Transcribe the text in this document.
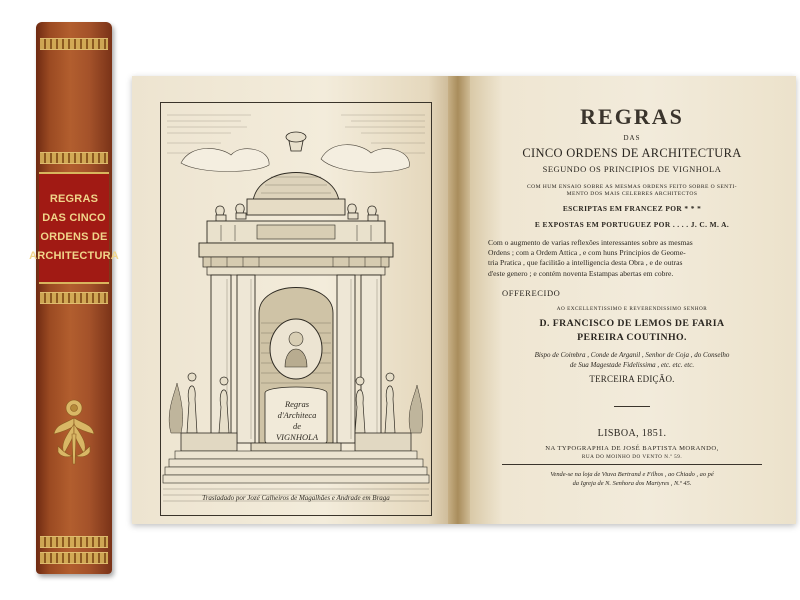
REGRAS
DAS CINCO
ORDENS DE
ARCHITECTURA
Regras
d'Architeca
de
VIGNHOLA
Trasladado por Jozé Calheiros de Magalhães e Andrade em Braga
REGRAS
DAS
CINCO ORDENS DE ARCHITECTURA
SEGUNDO OS PRINCIPIOS DE VIGNHOLA
COM HUM ENSAIO SOBRE AS MESMAS ORDENS FEITO SOBRE O SENTI-
MENTO DOS MAIS CELEBRES ARCHITECTOS
ESCRIPTAS EM FRANCEZ POR * * *
E EXPOSTAS EM PORTUGUEZ POR . . . . J. C. M. A.
Com o augmento de varias reflexões interessantes sobre as mesmas
Ordens ; com a Ordem Attica , e com huns Principios de Geome-
tria Pratica , que facilitão a intelligencia desta Obra , e de outras
d'este genero ; e contém noventa Estampas abertas em cobre.
OFFERECIDO
AO EXCELLENTISSIMO E REVERENDISSIMO SENHOR
D. FRANCISCO DE LEMOS DE FARIA
PEREIRA COUTINHO.
Bispo de Coimbra , Conde de Arganil , Senhor de Coja , do Conselho
de Sua Magestade Fidelissima , etc. etc. etc.
TERCEIRA EDIÇÃO.
LISBOA, 1851.
NA TYPOGRAPHIA DE JOSÉ BAPTISTA MORANDO,
RUA DO MOINHO DO VENTO N.º 59.
Vende-se na loja de Viuva Bertrand e Filhos , ao Chiado , ao pé
da Igreja de N. Senhora dos Martyres , N.º 45.
